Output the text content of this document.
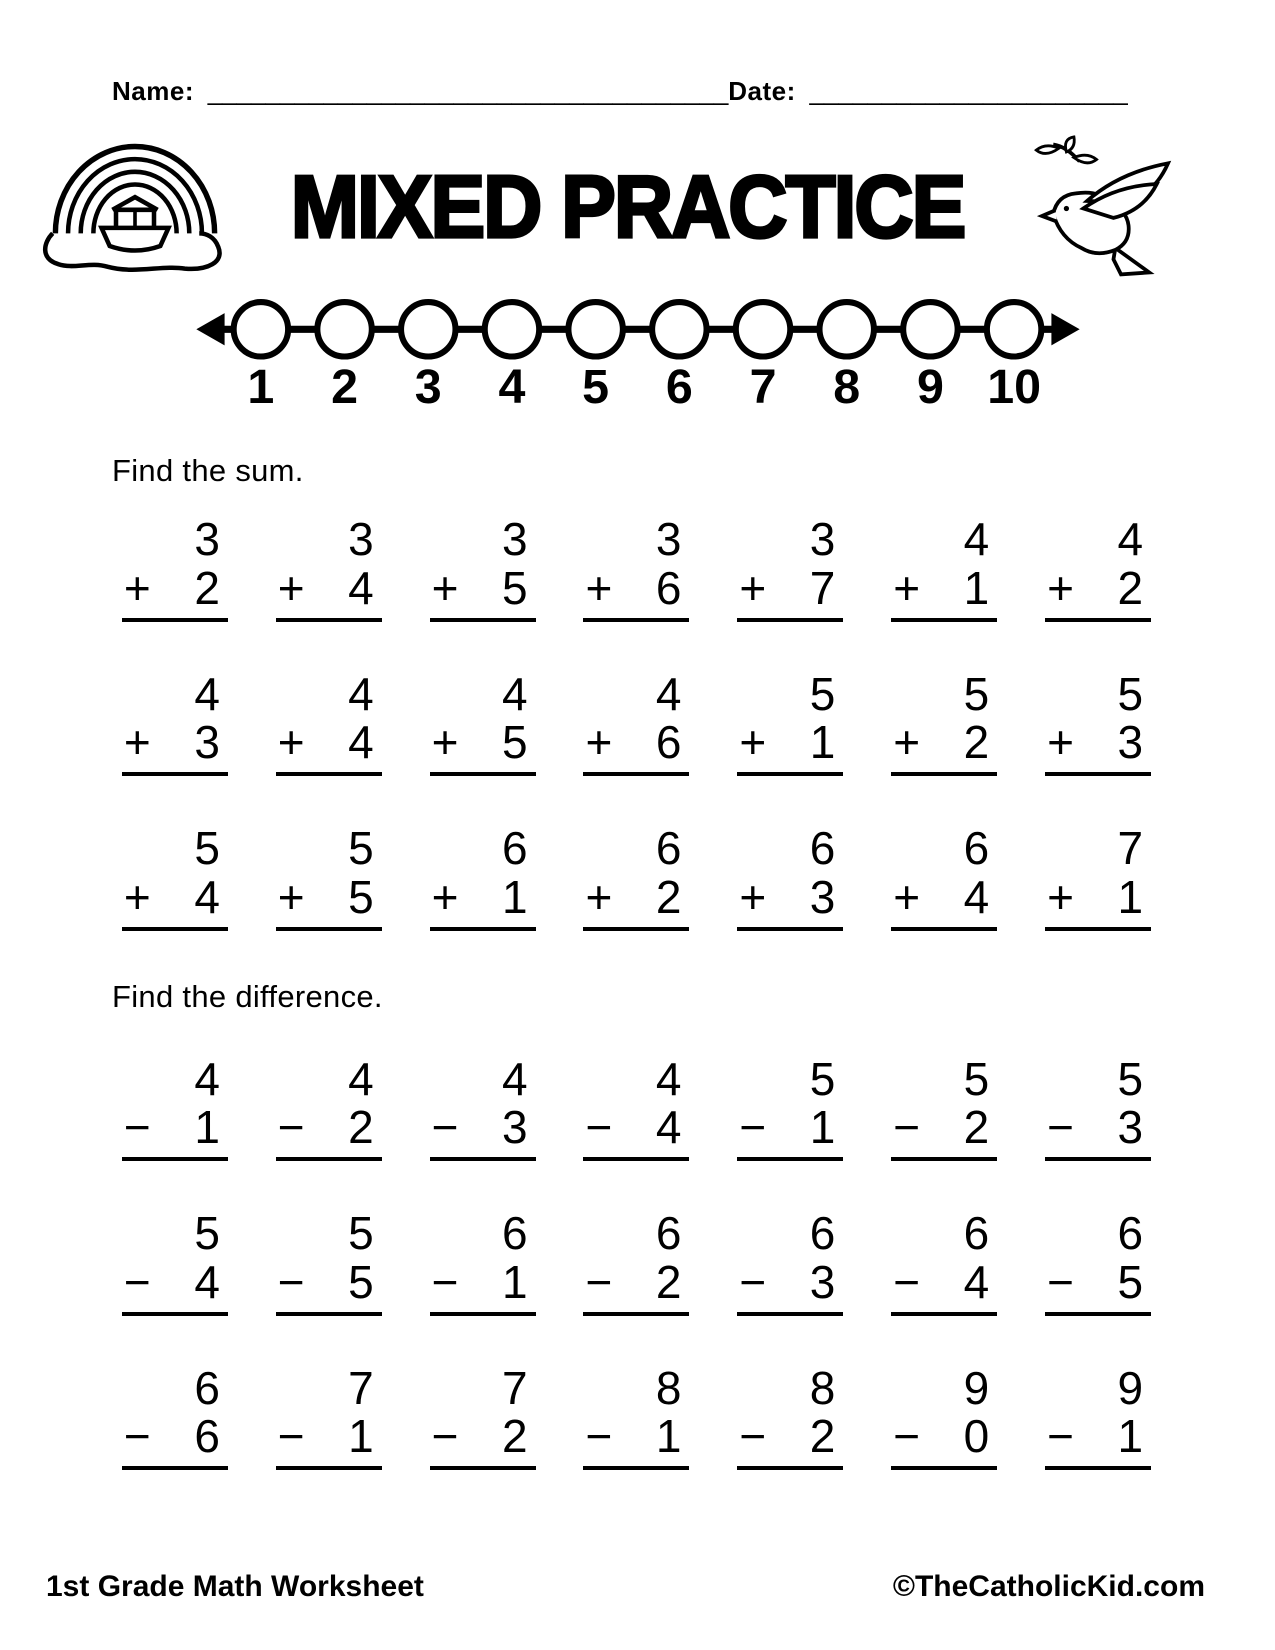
Name: ____________________________________ Date: ______________________
MIXED PRACTICE
1 2 3 4 5 6 7 8 9 10
Find the sum.
3
+ 2
3
+ 4
3
+ 5
3
+ 6
3
+ 7
4
+ 1
4
+ 2
4
+ 3
4
+ 4
4
+ 5
4
+ 6
5
+ 1
5
+ 2
5
+ 3
5
+ 4
5
+ 5
6
+ 1
6
+ 2
6
+ 3
6
+ 4
7
+ 1
Find the difference.
4
− 1
4
− 2
4
− 3
4
− 4
5
− 1
5
− 2
5
− 3
5
− 4
5
− 5
6
− 1
6
− 2
6
− 3
6
− 4
6
− 5
6
− 6
7
− 1
7
− 2
8
− 1
8
− 2
9
− 0
9
− 1
1st Grade Math Worksheet	©TheCatholicKid.com
